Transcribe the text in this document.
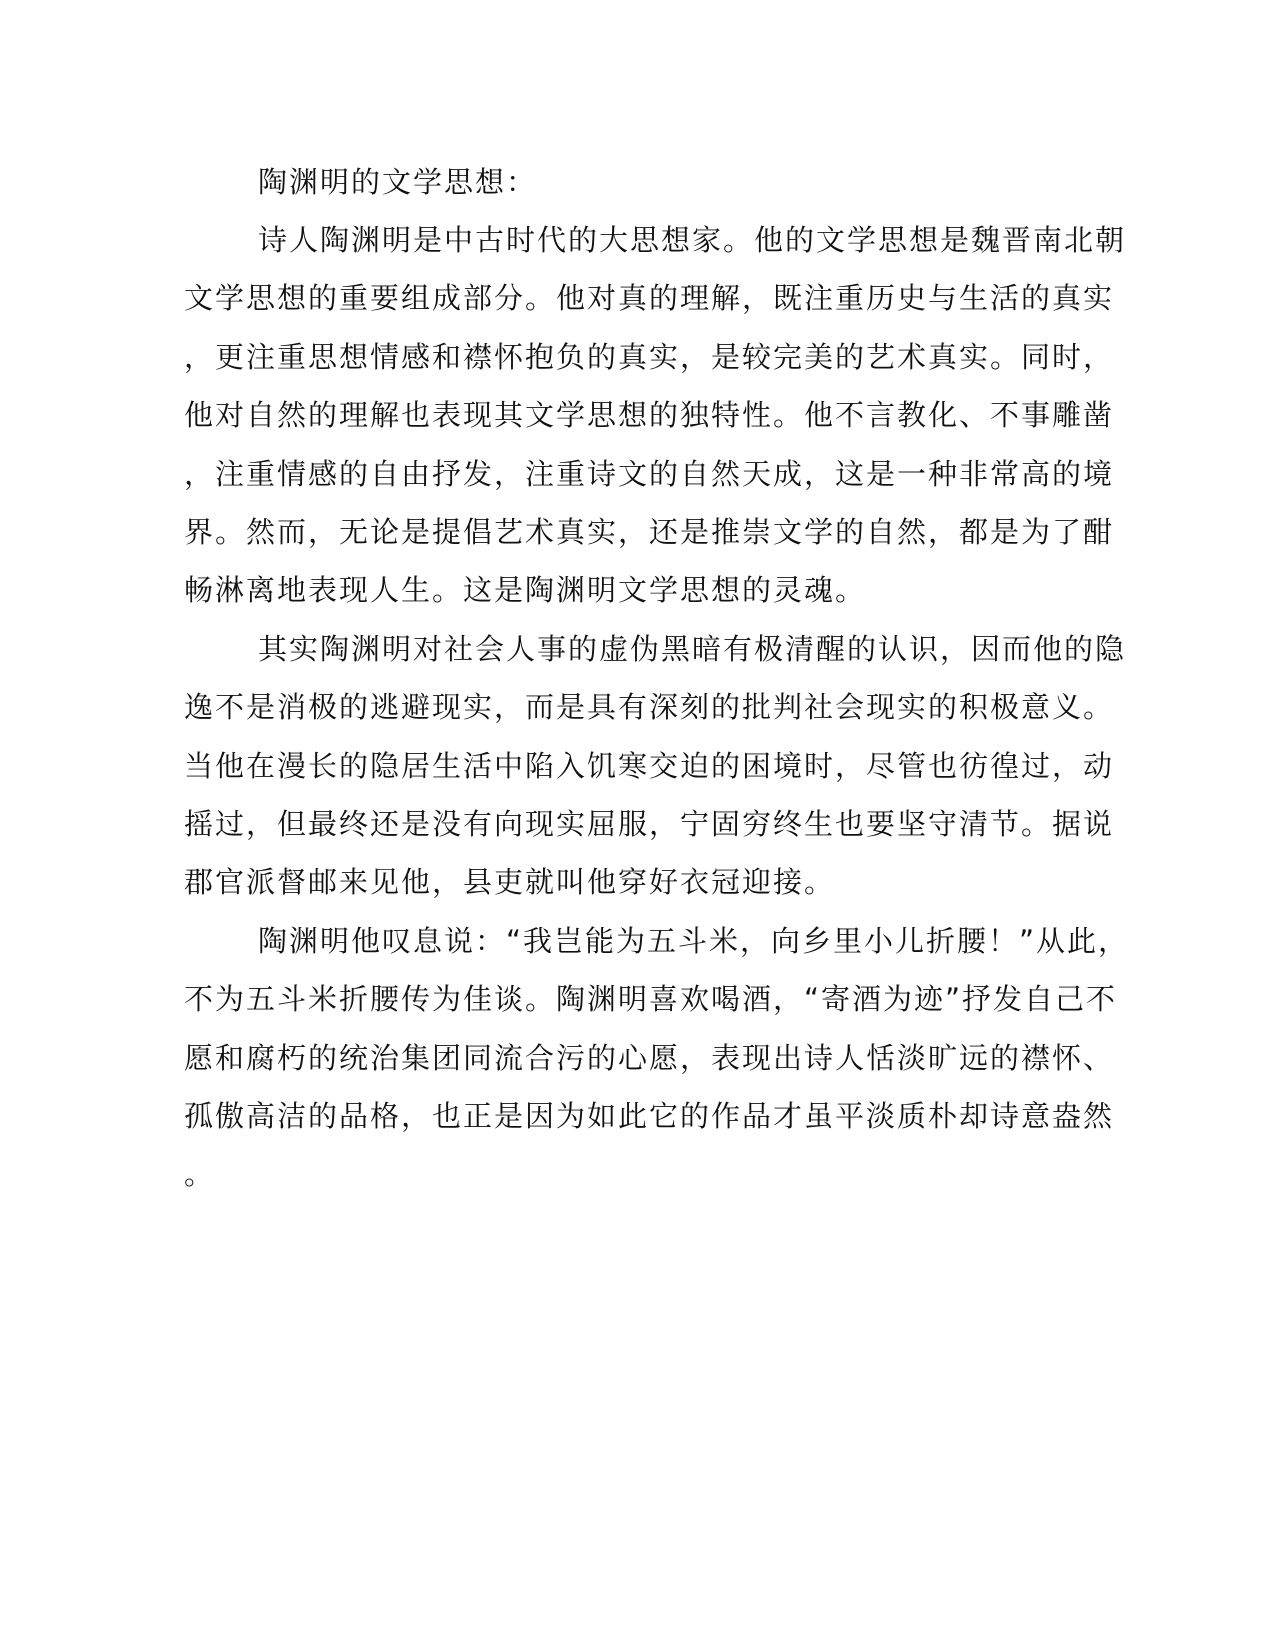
陶渊明的文学思想：
诗人陶渊明是中古时代的大思想家。他的文学思想是魏晋南北朝
文学思想的重要组成部分。他对真的理解，既注重历史与生活的真实
，更注重思想情感和襟怀抱负的真实，是较完美的艺术真实。同时，
他对自然的理解也表现其文学思想的独特性。他不言教化、不事雕凿
，注重情感的自由抒发，注重诗文的自然天成，这是一种非常高的境
界。然而，无论是提倡艺术真实，还是推崇文学的自然，都是为了酣
畅淋离地表现人生。这是陶渊明文学思想的灵魂。
其实陶渊明对社会人事的虚伪黑暗有极清醒的认识，因而他的隐
逸不是消极的逃避现实，而是具有深刻的批判社会现实的积极意义。
当他在漫长的隐居生活中陷入饥寒交迫的困境时，尽管也彷徨过，动
摇过，但最终还是没有向现实屈服，宁固穷终生也要坚守清节。据说
郡官派督邮来见他，县吏就叫他穿好衣冠迎接。
陶渊明他叹息说：“我岂能为五斗米，向乡里小儿折腰！”从此，
不为五斗米折腰传为佳谈。陶渊明喜欢喝酒，“寄酒为迹”抒发自己不
愿和腐朽的统治集团同流合污的心愿，表现出诗人恬淡旷远的襟怀、
孤傲高洁的品格，也正是因为如此它的作品才虽平淡质朴却诗意盎然
。
